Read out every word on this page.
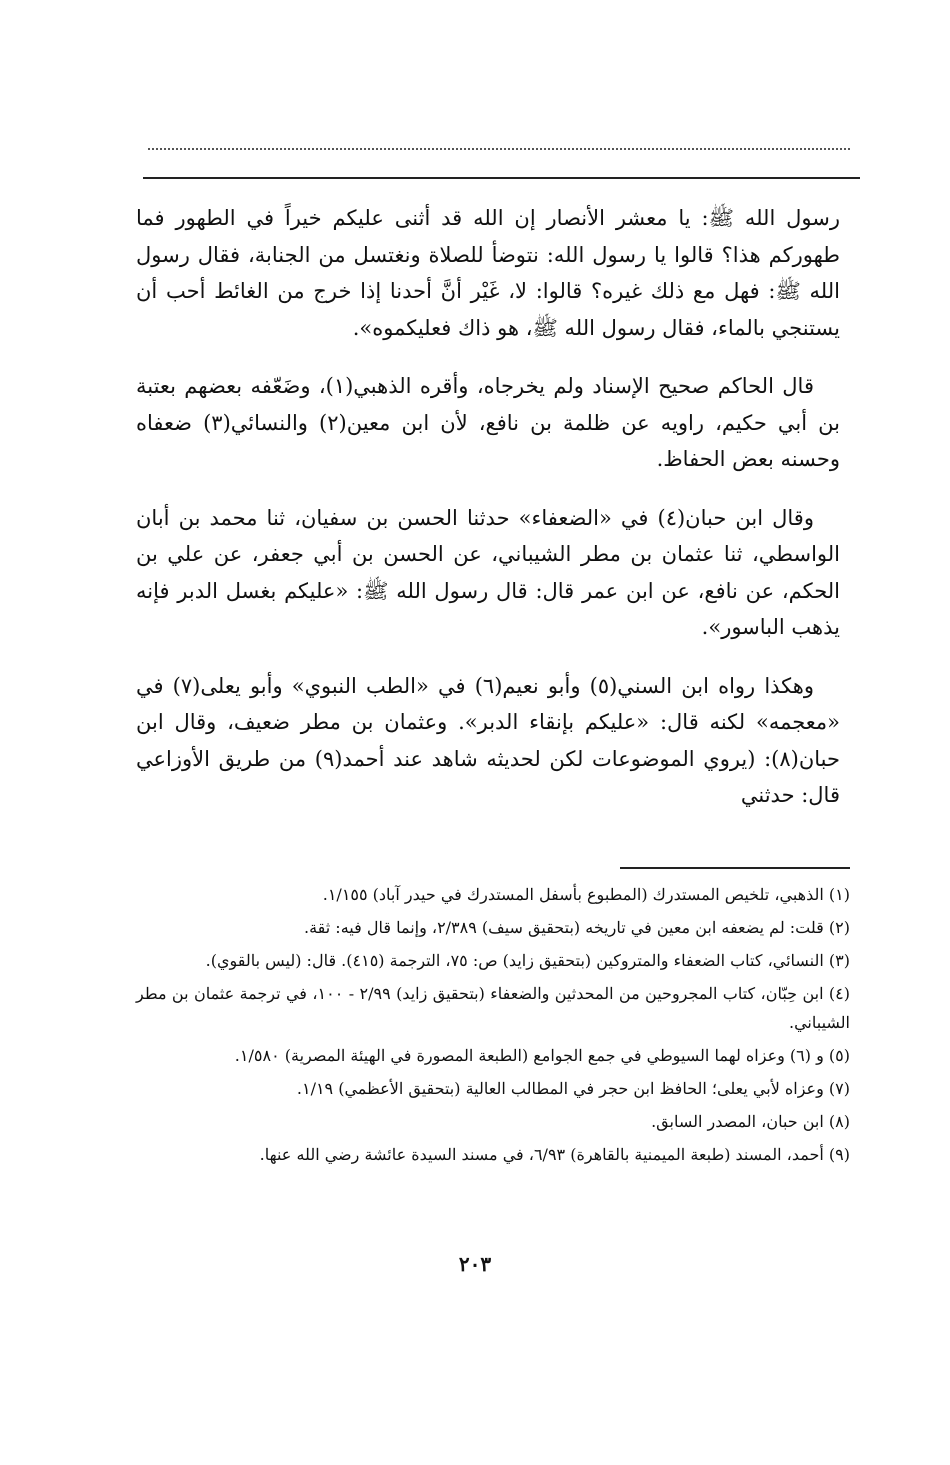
رسول الله ﷺ: يا معشر الأنصار إن الله قد أثنى عليكم خيراً في الطهور فما طهوركم هذا؟ قالوا يا رسول الله: نتوضأ للصلاة ونغتسل من الجنابة، فقال رسول الله ﷺ: فهل مع ذلك غيره؟ قالوا: لا، غَيْر أنَّ أحدنا إذا خرج من الغائط أحب أن يستنجي بالماء، فقال رسول الله ﷺ، هو ذاك فعليكموه».

قال الحاكم صحيح الإسناد ولم يخرجاه، وأقره الذهبي(١)، وضَعّفه بعضهم بعتبة بن أبي حكيم، راويه عن ظلمة بن نافع، لأن ابن معين(٢) والنسائي(٣) ضعفاه وحسنه بعض الحفاظ.

وقال ابن حبان(٤) في «الضعفاء» حدثنا الحسن بن سفيان، ثنا محمد بن أبان الواسطي، ثنا عثمان بن مطر الشيباني، عن الحسن بن أبي جعفر، عن علي بن الحكم، عن نافع، عن ابن عمر قال: قال رسول الله ﷺ: «عليكم بغسل الدبر فإنه يذهب الباسور».

وهكذا رواه ابن السني(٥) وأبو نعيم(٦) في «الطب النبوي» وأبو يعلى(٧) في «معجمه» لكنه قال: «عليكم بإنقاء الدبر». وعثمان بن مطر ضعيف، وقال ابن حبان(٨): (يروي الموضوعات لكن لحديثه شاهد عند أحمد(٩) من طريق الأوزاعي قال: حدثني

(١) الذهبي، تلخيص المستدرك (المطبوع بأسفل المستدرك في حيدر آباد) ١/١٥٥.
(٢) قلت: لم يضعفه ابن معين في تاريخه (بتحقيق سيف) ٢/٣٨٩، وإنما قال فيه: ثقة.
(٣) النسائي، كتاب الضعفاء والمتروكين (بتحقيق زايد) ص: ٧٥، الترجمة (٤١٥). قال: (ليس بالقوي).
(٤) ابن حِبّان، كتاب المجروحين من المحدثين والضعفاء (بتحقيق زايد) ٢/٩٩ - ١٠٠، في ترجمة عثمان بن مطر الشيباني.
(٥) و (٦) وعزاه لهما السيوطي في جمع الجوامع (الطبعة المصورة في الهيئة المصرية) ١/٥٨٠.
(٧) وعزاه لأبي يعلى؛ الحافظ ابن حجر في المطالب العالية (بتحقيق الأعظمي) ١/١٩.
(٨) ابن حبان، المصدر السابق.
(٩) أحمد، المسند (طبعة الميمنية بالقاهرة) ٦/٩٣، في مسند السيدة عائشة رضي الله عنها.
٢٠٣
